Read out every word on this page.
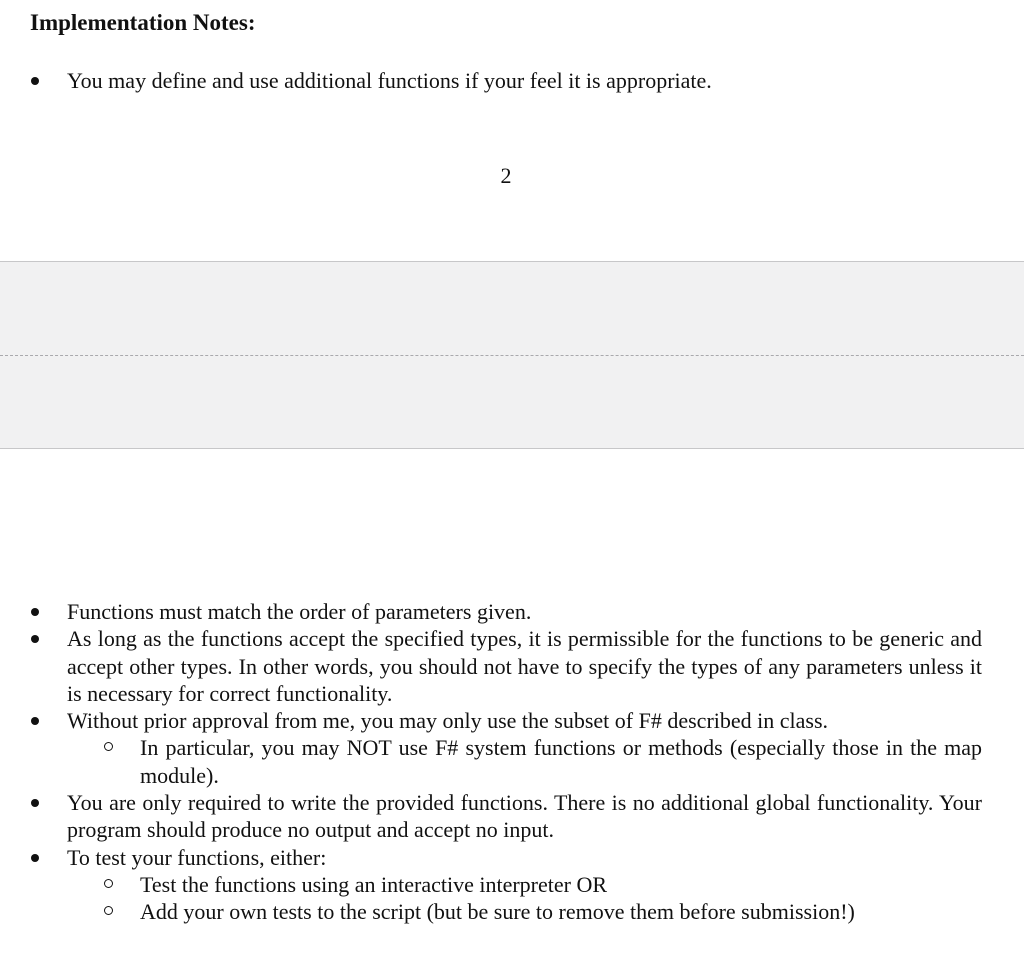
Implementation Notes:
You may define and use additional functions if your feel it is appropriate.
2
Functions must match the order of parameters given.
As long as the functions accept the specified types, it is permissible for the functions to be generic and accept other types. In other words, you should not have to specify the types of any parameters unless it is necessary for correct functionality.
Without prior approval from me, you may only use the subset of F# described in class.
In particular, you may NOT use F# system functions or methods (especially those in the map module).
You are only required to write the provided functions. There is no additional global functionality. Your program should produce no output and accept no input.
To test your functions, either:
Test the functions using an interactive interpreter OR
Add your own tests to the script (but be sure to remove them before submission!)
